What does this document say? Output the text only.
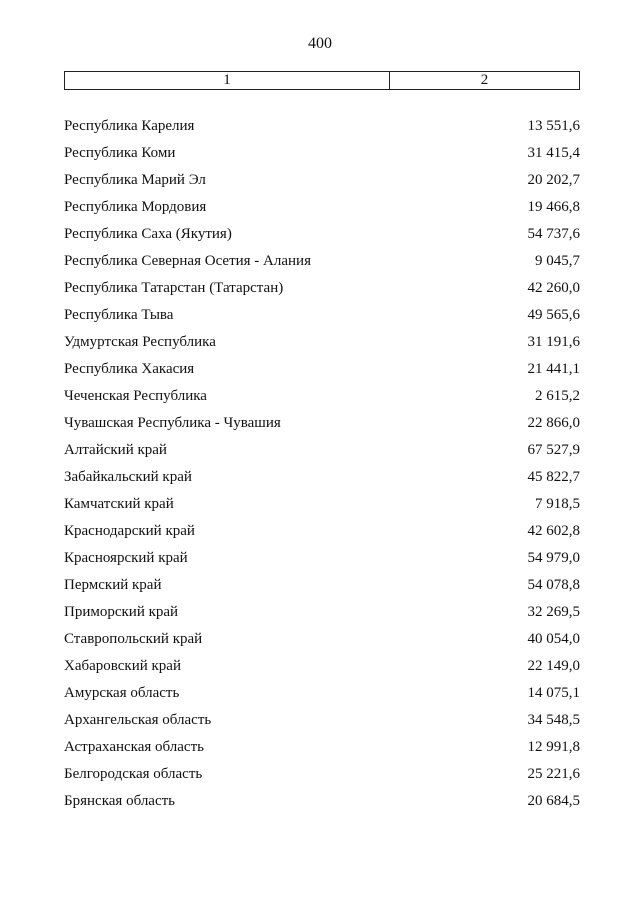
400
1	2
Республика Карелия	13 551,6
Республика Коми	31 415,4
Республика Марий Эл	20 202,7
Республика Мордовия	19 466,8
Республика Саха (Якутия)	54 737,6
Республика Северная Осетия - Алания	9 045,7
Республика Татарстан (Татарстан)	42 260,0
Республика Тыва	49 565,6
Удмуртская Республика	31 191,6
Республика Хакасия	21 441,1
Чеченская Республика	2 615,2
Чувашская Республика - Чувашия	22 866,0
Алтайский край	67 527,9
Забайкальский край	45 822,7
Камчатский край	7 918,5
Краснодарский край	42 602,8
Красноярский край	54 979,0
Пермский край	54 078,8
Приморский край	32 269,5
Ставропольский край	40 054,0
Хабаровский край	22 149,0
Амурская область	14 075,1
Архангельская область	34 548,5
Астраханская область	12 991,8
Белгородская область	25 221,6
Брянская область	20 684,5
